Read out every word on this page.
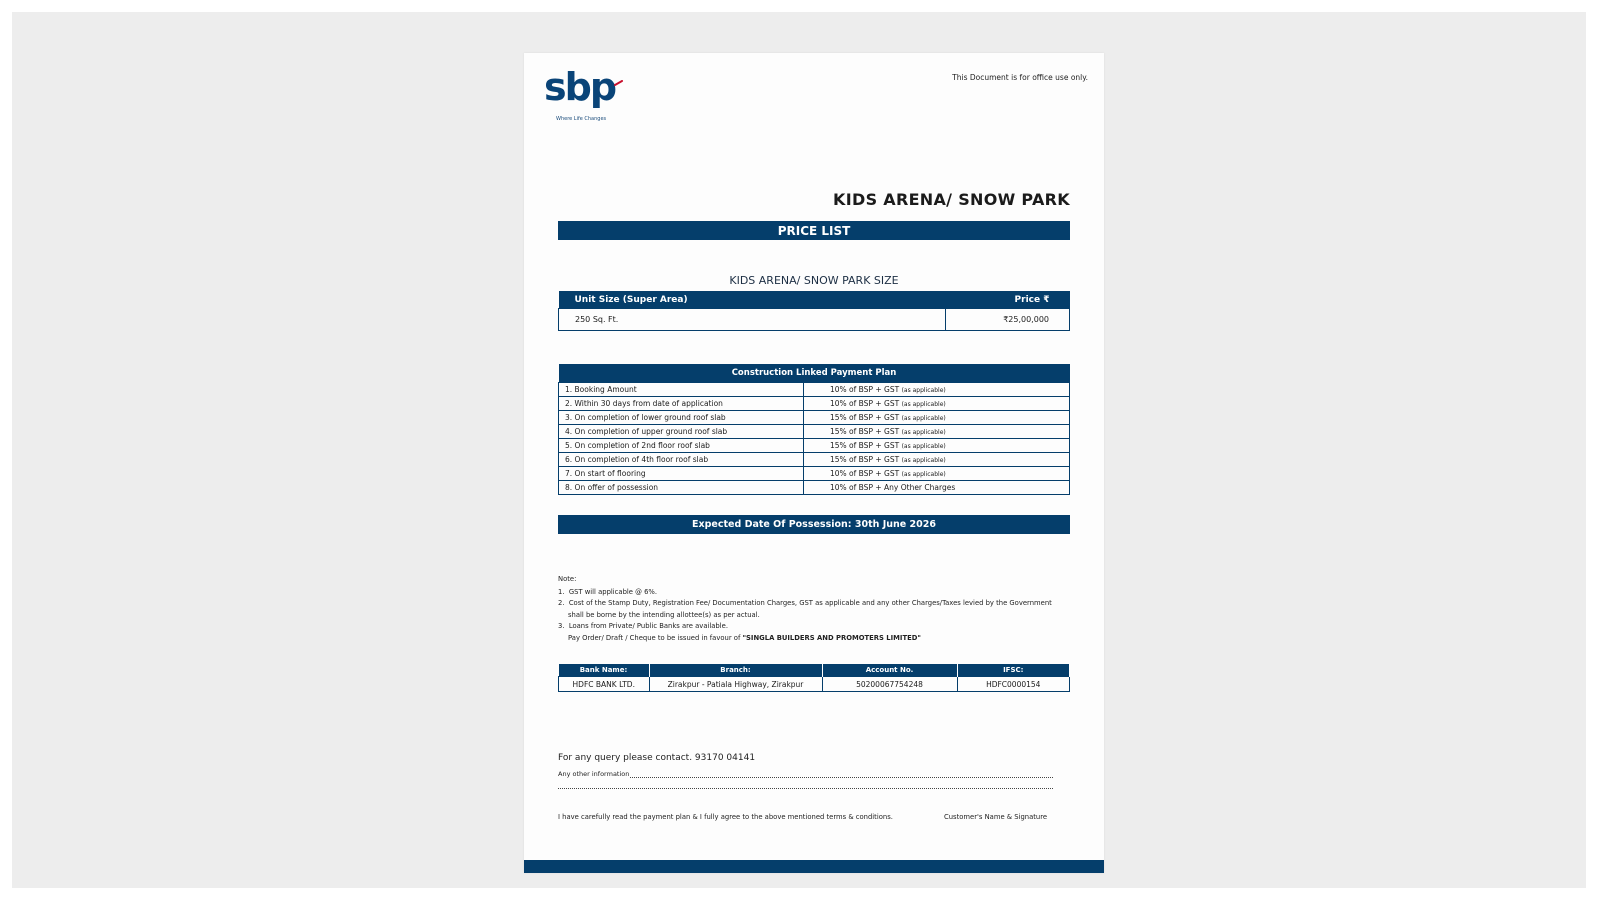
sbp
Where Life Changes
This Document is for office use only.
KIDS ARENA/ SNOW PARK
PRICE LIST
KIDS ARENA/ SNOW PARK SIZE
Unit Size (Super Area)	Price ₹
250 Sq. Ft.	₹25,00,000
Construction Linked Payment Plan	
1. Booking Amount	10% of BSP + GST (as applicable)
2. Within 30 days from date of application	10% of BSP + GST (as applicable)
3. On completion of lower ground roof slab	15% of BSP + GST (as applicable)
4. On completion of upper ground roof slab	15% of BSP + GST (as applicable)
5. On completion of 2nd floor roof slab	15% of BSP + GST (as applicable)
6. On completion of 4th floor roof slab	15% of BSP + GST (as applicable)
7. On start of flooring	10% of BSP + GST (as applicable)
8. On offer of possession	10% of BSP + Any Other Charges
Expected Date Of Possession: 30th June 2026
Note:
1.  GST will applicable @ 6%.
2.  Cost of the Stamp Duty, Registration Fee/ Documentation Charges, GST as applicable and any other Charges/Taxes levied by the Government
shall be borne by the intending allottee(s) as per actual.
3.  Loans from Private/ Public Banks are available.
Pay Order/ Draft / Cheque to be issued in favour of "SINGLA BUILDERS AND PROMOTERS LIMITED"
Bank Name:	Branch:	Account No.	IFSC:
HDFC BANK LTD.	Zirakpur - Patiala Highway, Zirakpur	50200067754248	HDFC0000154
For any query please contact. 93170 04141
Any other information
I have carefully read the payment plan & I fully agree to the above mentioned terms & conditions.	Customer's Name & Signature
